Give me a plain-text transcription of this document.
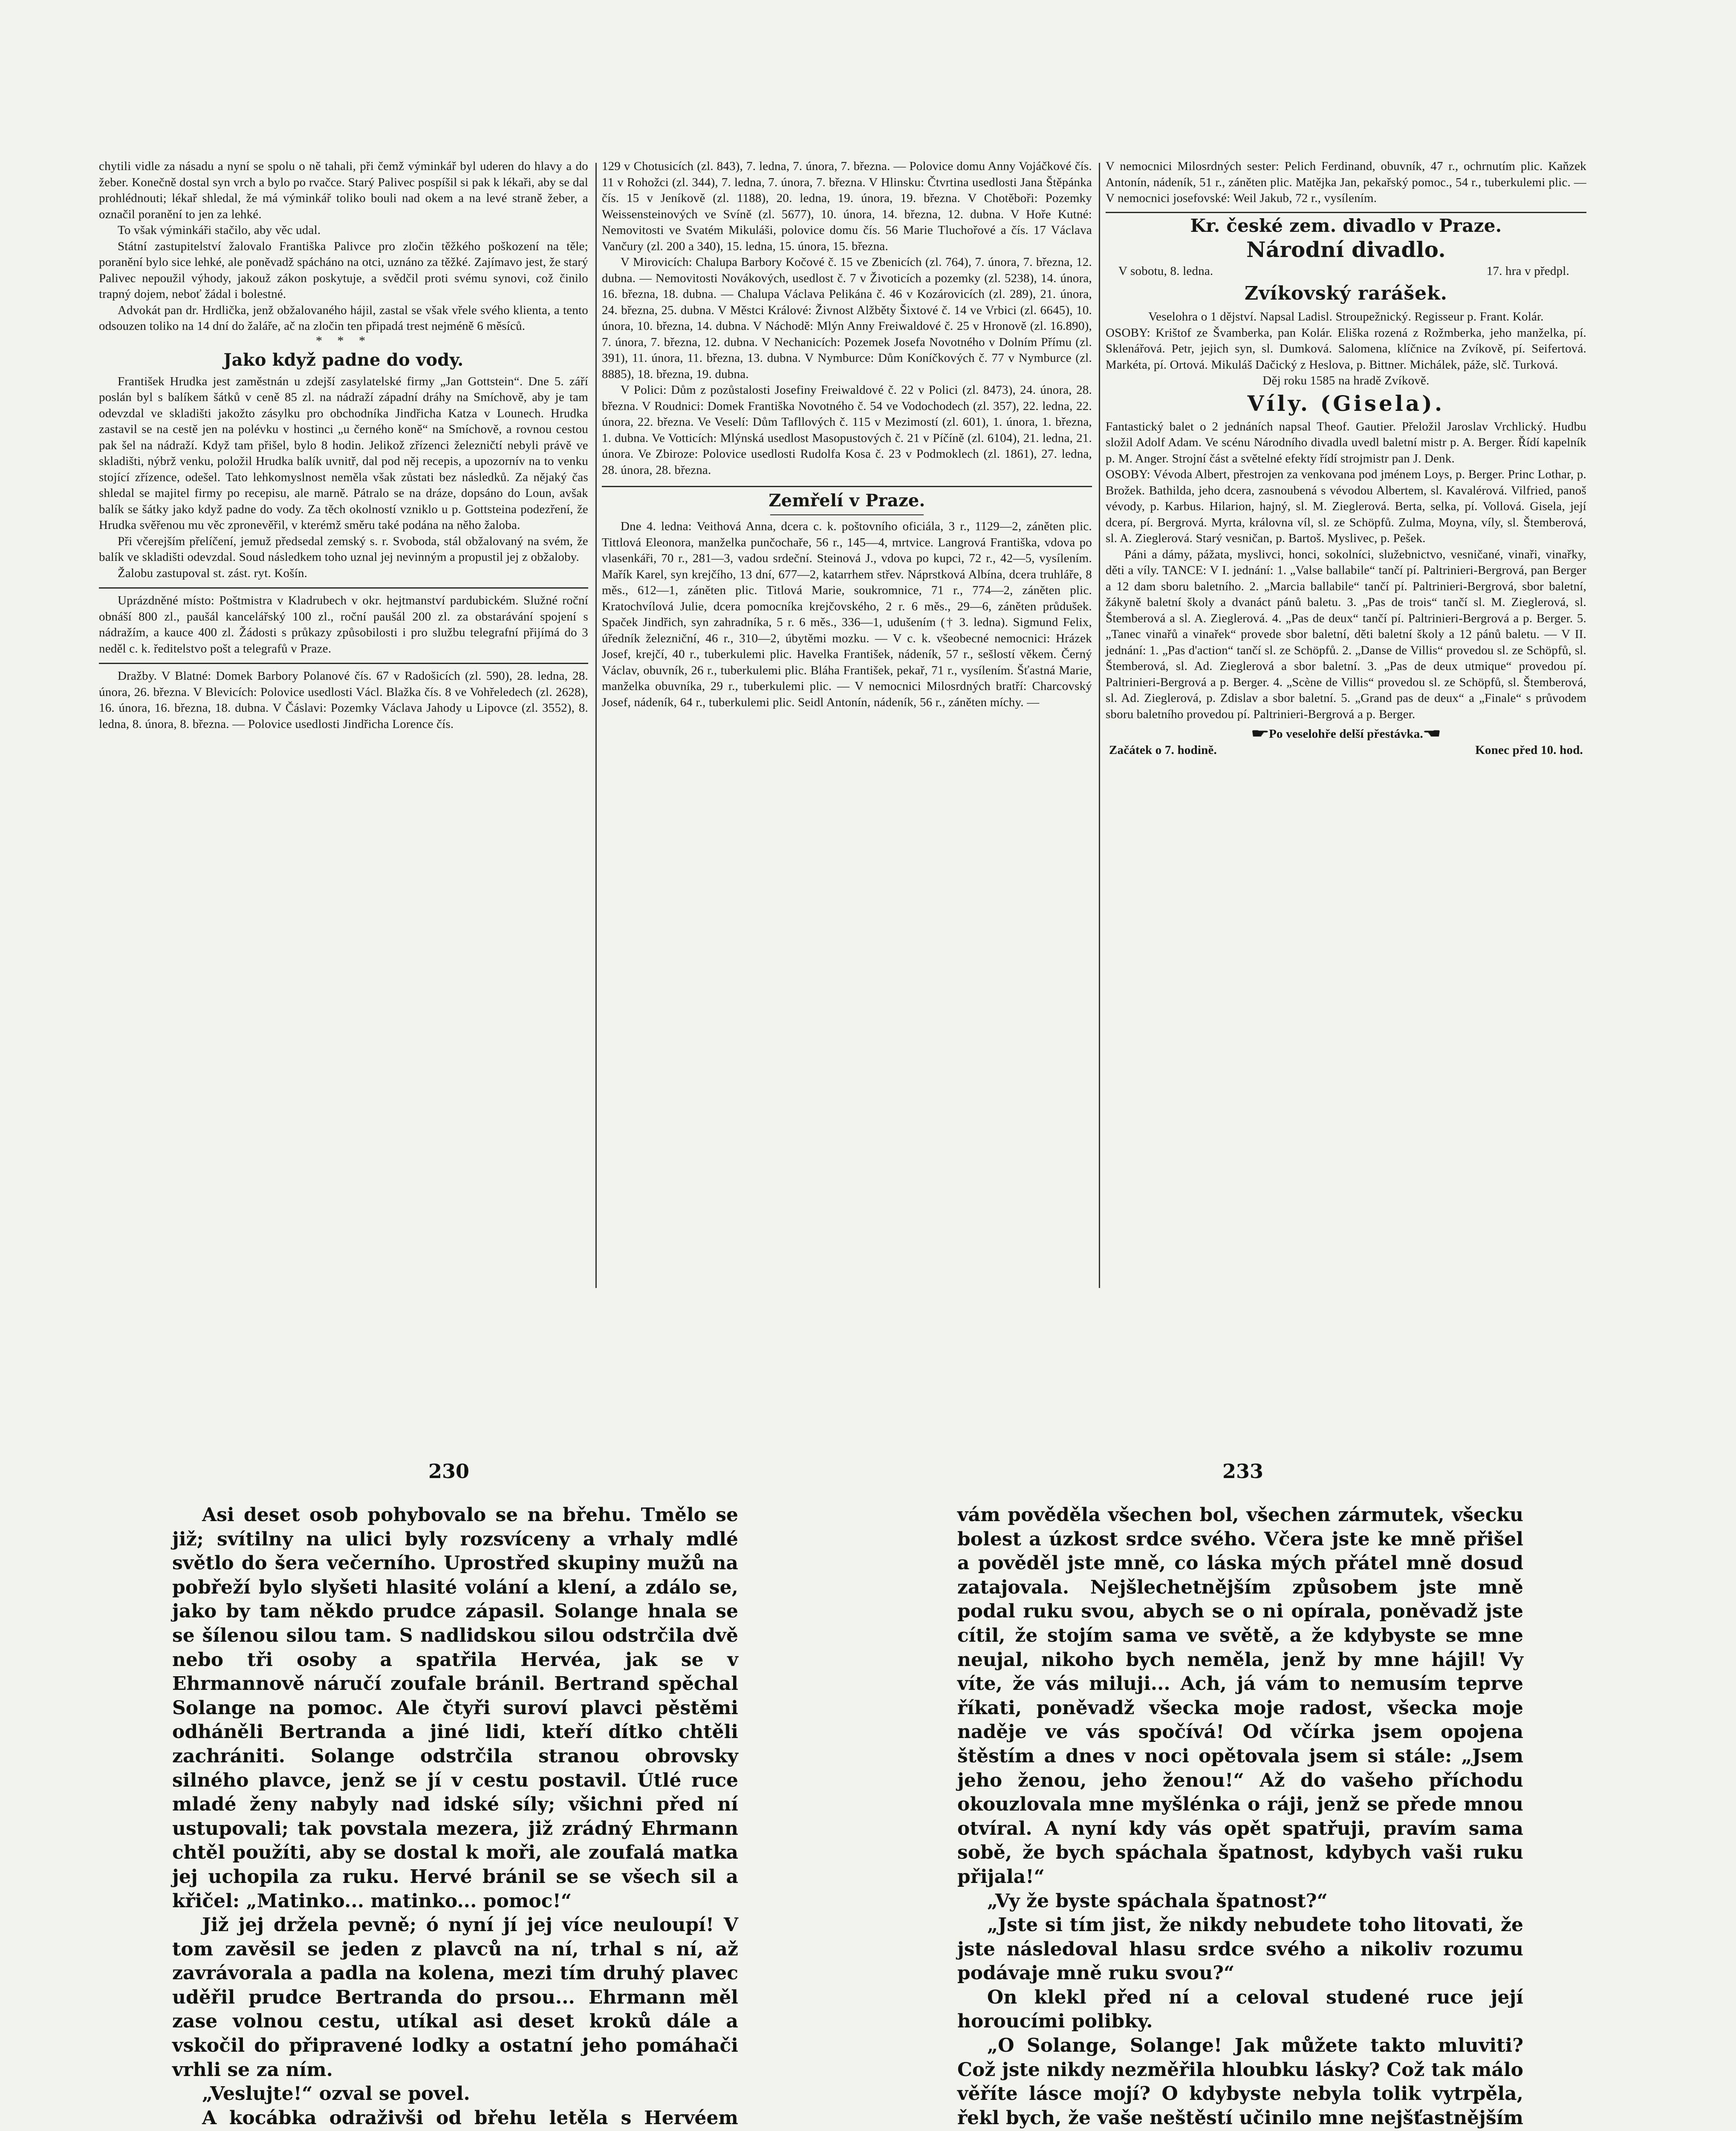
chytili vidle za násadu a nyní se spolu o ně tahali, při čemž výminkář byl uderen do hlavy a do žeber. Konečně dostal syn vrch a bylo po rvačce. Starý Palivec pospíšil si pak k lékaři, aby se dal prohlédnouti; lékař shledal, že má výminkář toliko bouli nad okem a na levé straně žeber, a označil poranění to jen za lehké.

To však výminkáři stačilo, aby věc udal.

Státní zastupitelství žalovalo Františka Palivce pro zločin těžkého poškození na těle; poranění bylo sice lehké, ale poněvadž spácháno na otci, uznáno za těžké. Zajímavo jest, že starý Palivec nepoužil výhody, jakouž zákon poskytuje, a svědčil proti svému synovi, což činilo trapný dojem, neboť žádal i bolestné.

Advokát pan dr. Hrdlička, jenž obžalovaného hájil, zastal se však vřele svého klienta, a tento odsouzen toliko na 14 dní do žaláře, ač na zločin ten připadá trest nejméně 6 měsíců.

* * *
Jako když padne do vody.

František Hrudka jest zaměstnán u zdejší zasylatelské firmy „Jan Gottstein“. Dne 5. září poslán byl s balíkem šátků v ceně 85 zl. na nádraží západní dráhy na Smíchově, aby je tam odevzdal ve skladišti jakožto zásylku pro obchodníka Jindřicha Katza v Lounech. Hrudka zastavil se na cestě jen na polévku v hostinci „u černého koně“ na Smíchově, a rovnou cestou pak šel na nádraží. Když tam přišel, bylo 8 hodin. Jelikož zřízenci železničtí nebyli právě ve skladišti, nýbrž venku, položil Hrudka balík uvnitř, dal pod něj recepis, a upozornív na to venku stojící zřízence, odešel. Tato lehkomyslnost neměla však zůstati bez následků. Za nějaký čas shledal se majitel firmy po recepisu, ale marně. Pátralo se na dráze, dopsáno do Loun, avšak balík se šátky jako když padne do vody. Za těch okolností vzniklo u p. Gottsteina podezření, že Hrudka svěřenou mu věc zpronevěřil, v kterémž směru také podána na něho žaloba.

Při včerejším přelíčení, jemuž předsedal zemský s. r. Svoboda, stál obžalovaný na svém, že balík ve skladišti odevzdal. Soud následkem toho uznal jej nevinným a propustil jej z obžaloby.

Žalobu zastupoval st. zást. ryt. Košín.

Uprázdněné místo: Poštmistra v Kladrubech v okr. hejtmanství pardubickém. Služné roční obnáší 800 zl., paušál kancelářský 100 zl., roční paušál 200 zl. za obstarávání spojení s nádražím, a kauce 400 zl. Žádosti s průkazy způsobilosti i pro službu telegrafní přijímá do 3 neděl c. k. ředitelstvo pošt a telegrafů v Praze.

Dražby. V Blatné: Domek Barbory Polanové čís. 67 v Radošicích (zl. 590), 28. ledna, 28. února, 26. března. V Blevicích: Polovice usedlosti Václ. Blažka čís. 8 ve Vohřeledech (zl. 2628), 16. února, 16. března, 18. dubna. V Čáslavi: Pozemky Václava Jahody u Lipovce (zl. 3552), 8. ledna, 8. února, 8. března. — Polovice usedlosti Jindřicha Lorence čís.

129 v Chotusicích (zl. 843), 7. ledna, 7. února, 7. března. — Polovice domu Anny Vojáčkové čís. 11 v Rohožci (zl. 344), 7. ledna, 7. února, 7. března. V Hlinsku: Čtvrtina usedlosti Jana Štěpánka čís. 15 v Jeníkově (zl. 1188), 20. ledna, 19. února, 19. března. V Chotěboři: Pozemky Weissensteinových ve Svíně (zl. 5677), 10. února, 14. března, 12. dubna. V Hoře Kutné: Nemovitosti ve Svatém Mikuláši, polovice domu čís. 56 Marie Tluchořové a čís. 17 Václava Vančury (zl. 200 a 340), 15. ledna, 15. února, 15. března.

V Mirovicích: Chalupa Barbory Kočové č. 15 ve Zbenicích (zl. 764), 7. února, 7. března, 12. dubna. — Nemovitosti Novákových, usedlost č. 7 v Životicích a pozemky (zl. 5238), 14. února, 16. března, 18. dubna. — Chalupa Václava Pelikána č. 46 v Kozárovicích (zl. 289), 21. února, 24. března, 25. dubna. V Městci Králové: Živnost Alžběty Šixtové č. 14 ve Vrbici (zl. 6645), 10. února, 10. března, 14. dubna. V Náchodě: Mlýn Anny Freiwaldové č. 25 v Hronově (zl. 16.890), 7. února, 7. března, 12. dubna. V Nechanicích: Pozemek Josefa Novotného v Dolním Přímu (zl. 391), 11. února, 11. března, 13. dubna. V Nymburce: Dům Koníčkových č. 77 v Nymburce (zl. 8885), 18. března, 19. dubna.

V Polici: Dům z pozůstalosti Josefiny Freiwaldové č. 22 v Polici (zl. 8473), 24. února, 28. března. V Roudnici: Domek Františka Novotného č. 54 ve Vodochodech (zl. 357), 22. ledna, 22. února, 22. března. Ve Veselí: Dům Tafllových č. 115 v Mezimostí (zl. 601), 1. února, 1. března, 1. dubna. Ve Votticích: Mlýnská usedlost Masopustových č. 21 v Píčíně (zl. 6104), 21. ledna, 21. února. Ve Zbiroze: Polovice usedlosti Rudolfa Kosa č. 23 v Podmoklech (zl. 1861), 27. ledna, 28. února, 28. března.

Zemřelí v Praze.

Dne 4. ledna: Veithová Anna, dcera c. k. poštovního oficiála, 3 r., 1129—2, záněten plic. Tittlová Eleonora, manželka punčochaře, 56 r., 145—4, mrtvice. Langrová Františka, vdova po vlasenkáři, 70 r., 281—3, vadou srdeční. Steinová J., vdova po kupci, 72 r., 42—5, vysílením. Mařík Karel, syn krejčího, 13 dní, 677—2, katarrhem střev. Náprstková Albína, dcera truhláře, 8 měs., 612—1, záněten plic. Titlová Marie, soukromnice, 71 r., 774—2, záněten plic. Kratochvílová Julie, dcera pomocníka krejčovského, 2 r. 6 měs., 29—6, záněten průdušek. Spaček Jindřich, syn zahradníka, 5 r. 6 měs., 336—1, udušením († 3. ledna). Sigmund Felix, úředník železniční, 46 r., 310—2, úbytěmi mozku. — V c. k. všeobecné nemocnici: Hrázek Josef, krejčí, 40 r., tuberkulemi plic. Havelka František, nádeník, 57 r., sešlostí věkem. Černý Václav, obuvník, 26 r., tuberkulemi plic. Bláha František, pekař, 71 r., vysílením. Šťastná Marie, manželka obuvníka, 29 r., tuberkulemi plic. — V nemocnici Milosrdných bratří: Charcovský Josef, nádeník, 64 r., tuberkulemi plic. Seidl Antonín, nádeník, 56 r., záněten míchy. —

V nemocnici Milosrdných sester: Pelich Ferdinand, obuvník, 47 r., ochrnutím plic. Kaňzek Antonín, nádeník, 51 r., záněten plic. Matějka Jan, pekařský pomoc., 54 r., tuberkulemi plic. — V nemocnici josefovské: Weil Jakub, 72 r., vysílením.

Kr. české zem. divadlo v Praze.
Národní divadlo.
V sobotu, 8. ledna.	17. hra v předpl.
Zvíkovský rarášek.

Veselohra o 1 dějství. Napsal Ladisl. Stroupežnický. Regisseur p. Frant. Kolár.

OSOBY: Krištof ze Švamberka, pan Kolár. Eliška rozená z Rožmberka, jeho manželka, pí. Sklenářová. Petr, jejich syn, sl. Dumková. Salomena, klíčnice na Zvíkově, pí. Seifertová. Markéta, pí. Ortová. Mikuláš Dačický z Heslova, p. Bittner. Michálek, páže, slč. Turková.

Děj roku 1585 na hradě Zvíkově.

Víly. (Gisela).

Fantastický balet o 2 jednáních napsal Theof. Gautier. Přeložil Jaroslav Vrchlický. Hudbu složil Adolf Adam. Ve scénu Národního divadla uvedl baletní mistr p. A. Berger. Řídí kapelník p. M. Anger. Strojní část a světelné efekty řídí strojmistr pan J. Denk.

OSOBY: Vévoda Albert, přestrojen za venkovana pod jménem Loys, p. Berger. Princ Lothar, p. Brožek. Bathilda, jeho dcera, zasnoubená s vévodou Albertem, sl. Kavalérová. Vilfried, panoš vévody, p. Karbus. Hilarion, hajný, sl. M. Zieglerová. Berta, selka, pí. Vollová. Gisela, její dcera, pí. Bergrová. Myrta, královna víl, sl. ze Schöpfů. Zulma, Moyna, víly, sl. Štemberová, sl. A. Zieglerová. Starý vesničan, p. Bartoš. Myslivec, p. Pešek.

Páni a dámy, pážata, myslivci, honci, sokolníci, služebnictvo, vesničané, vinaři, vinařky, děti a víly. TANCE: V I. jednání: 1. „Valse ballabile“ tančí pí. Paltrinieri-Bergrová, pan Berger a 12 dam sboru baletního. 2. „Marcia ballabile“ tančí pí. Paltrinieri-Bergrová, sbor baletní, žákyně baletní školy a dvanáct pánů baletu. 3. „Pas de trois“ tančí sl. M. Zieglerová, sl. Štemberová a sl. A. Zieglerová. 4. „Pas de deux“ tančí pí. Paltrinieri-Bergrová a p. Berger. 5. „Tanec vinařů a vinařek“ provede sbor baletní, děti baletní školy a 12 pánů baletu. — V II. jednání: 1. „Pas d'action“ tančí sl. ze Schöpfů. 2. „Danse de Villis“ provedou sl. ze Schöpfů, sl. Štemberová, sl. Ad. Zieglerová a sbor baletní. 3. „Pas de deux utmique“ provedou pí. Paltrinieri-Bergrová a p. Berger. 4. „Scène de Villis“ provedou sl. ze Schöpfů, sl. Štemberová, sl. Ad. Zieglerová, p. Zdislav a sbor baletní. 5. „Grand pas de deux“ a „Finale“ s průvodem sboru baletního provedou pí. Paltrinieri-Bergrová a p. Berger.

☛ Po veselohře delší přestávka. ☚
Začátek o 7. hodině.	Konec před 10. hod.
230	233

Asi deset osob pohybovalo se na břehu. Tmělo se již; svítilny na ulici byly rozsvíceny a vrhaly mdlé světlo do šera večerního. Uprostřed skupiny mužů na pobřeží bylo slyšeti hlasité volání a klení, a zdálo se, jako by tam někdo prudce zápasil. Solange hnala se se šílenou silou tam. S nadlidskou silou odstrčila dvě nebo tři osoby a spatřila Hervéa, jak se v Ehrmannově náručí zoufale bránil. Bertrand spěchal Solange na pomoc. Ale čtyři suroví plavci pěstěmi odháněli Bertranda a jiné lidi, kteří dítko chtěli zachrániti. Solange odstrčila stranou obrovsky silného plavce, jenž se jí v cestu postavil. Útlé ruce mladé ženy nabyly nad idské síly; všichni před ní ustupovali; tak povstala mezera, již zrádný Ehrmann chtěl použíti, aby se dostal k moři, ale zoufalá matka jej uchopila za ruku. Hervé bránil se se všech sil a křičel: „Matinko... matinko... pomoc!“

Již jej držela pevně; ó nyní jí jej více neuloupí! V tom zavěsil se jeden z plavců na ní, trhal s ní, až zavrávorala a padla na kolena, mezi tím druhý plavec uděřil prudce Bertranda do prsou... Ehrmann měl zase volnou cestu, utíkal asi deset kroků dále a vskočil do připravené lodky a ostatní jeho pomáhači vrhli se za ním.

„Veslujte!“ ozval se povel.

A kocábka odraživši od břehu letěla s Hervéem

vám pověděla všechen bol, všechen zármutek, všecku bolest a úzkost srdce svého. Včera jste ke mně přišel a pověděl jste mně, co láska mých přátel mně dosud zatajovala. Nejšlechetnějším způsobem jste mně podal ruku svou, abych se o ni opírala, poněvadž jste cítil, že stojím sama ve světě, a že kdybyste se mne neujal, nikoho bych neměla, jenž by mne hájil! Vy víte, že vás miluji... Ach, já vám to nemusím teprve říkati, poněvadž všecka moje radost, všecka moje naděje ve vás spočívá! Od včírka jsem opojena štěstím a dnes v noci opětovala jsem si stále: „Jsem jeho ženou, jeho ženou!“ Až do vašeho příchodu okouzlovala mne myšlénka o ráji, jenž se přede mnou otvíral. A nyní kdy vás opět spatřuji, pravím sama sobě, že bych spáchala špatnost, kdybych vaši ruku přijala!“

„Vy že byste spáchala špatnost?“

„Jste si tím jist, že nikdy nebudete toho litovati, že jste následoval hlasu srdce svého a nikoliv rozumu podávaje mně ruku svou?“

On klekl před ní a celoval studené ruce její horoucími polibky.

„O Solange, Solange! Jak můžete takto mluviti? Což jste nikdy nezměřila hloubku lásky? Což tak málo věříte lásce mojí? O kdybyste nebyla tolik vytrpěla, řekl bych, že vaše neštěstí učinilo mne nejšťastnějším
